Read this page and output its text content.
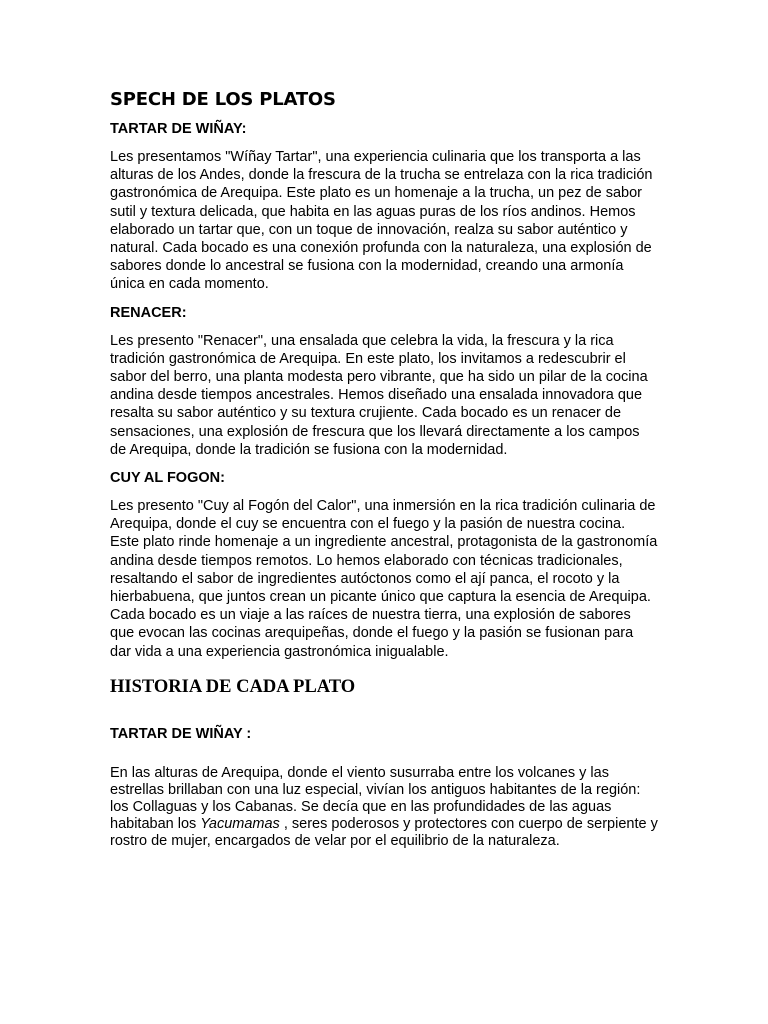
SPECH DE LOS PLATOS
TARTAR DE WIÑAY:

Les presentamos "Wíñay Tartar", una experiencia culinaria que los transporta a las alturas de los Andes, donde la frescura de la trucha se entrelaza con la rica tradición gastronómica de Arequipa. Este plato es un homenaje a la trucha, un pez de sabor sutil y textura delicada, que habita en las aguas puras de los ríos andinos. Hemos elaborado un tartar que, con un toque de innovación, realza su sabor auténtico y natural. Cada bocado es una conexión profunda con la naturaleza, una explosión de sabores donde lo ancestral se fusiona con la modernidad, creando una armonía única en cada momento.

RENACER:

Les presento "Renacer", una ensalada que celebra la vida, la frescura y la rica tradición gastronómica de Arequipa. En este plato, los invitamos a redescubrir el sabor del berro, una planta modesta pero vibrante, que ha sido un pilar de la cocina andina desde tiempos ancestrales. Hemos diseñado una ensalada innovadora que resalta su sabor auténtico y su textura crujiente. Cada bocado es un renacer de sensaciones, una explosión de frescura que los llevará directamente a los campos de Arequipa, donde la tradición se fusiona con la modernidad.

CUY AL FOGON:

Les presento "Cuy al Fogón del Calor", una inmersión en la rica tradición culinaria de Arequipa, donde el cuy se encuentra con el fuego y la pasión de nuestra cocina. Este plato rinde homenaje a un ingrediente ancestral, protagonista de la gastronomía andina desde tiempos remotos. Lo hemos elaborado con técnicas tradicionales, resaltando el sabor de ingredientes autóctonos como el ají panca, el rocoto y la hierbabuena, que juntos crean un picante único que captura la esencia de Arequipa. Cada bocado es un viaje a las raíces de nuestra tierra, una explosión de sabores que evocan las cocinas arequipeñas, donde el fuego y la pasión se fusionan para dar vida a una experiencia gastronómica inigualable.

HISTORIA DE CADA PLATO
TARTAR DE WIÑAY :

En las alturas de Arequipa, donde el viento susurraba entre los volcanes y las estrellas brillaban con una luz especial, vivían los antiguos habitantes de la región: los Collaguas y los Cabanas. Se decía que en las profundidades de las aguas habitaban los Yacumamas , seres poderosos y protectores con cuerpo de serpiente y rostro de mujer, encargados de velar por el equilibrio de la naturaleza.
